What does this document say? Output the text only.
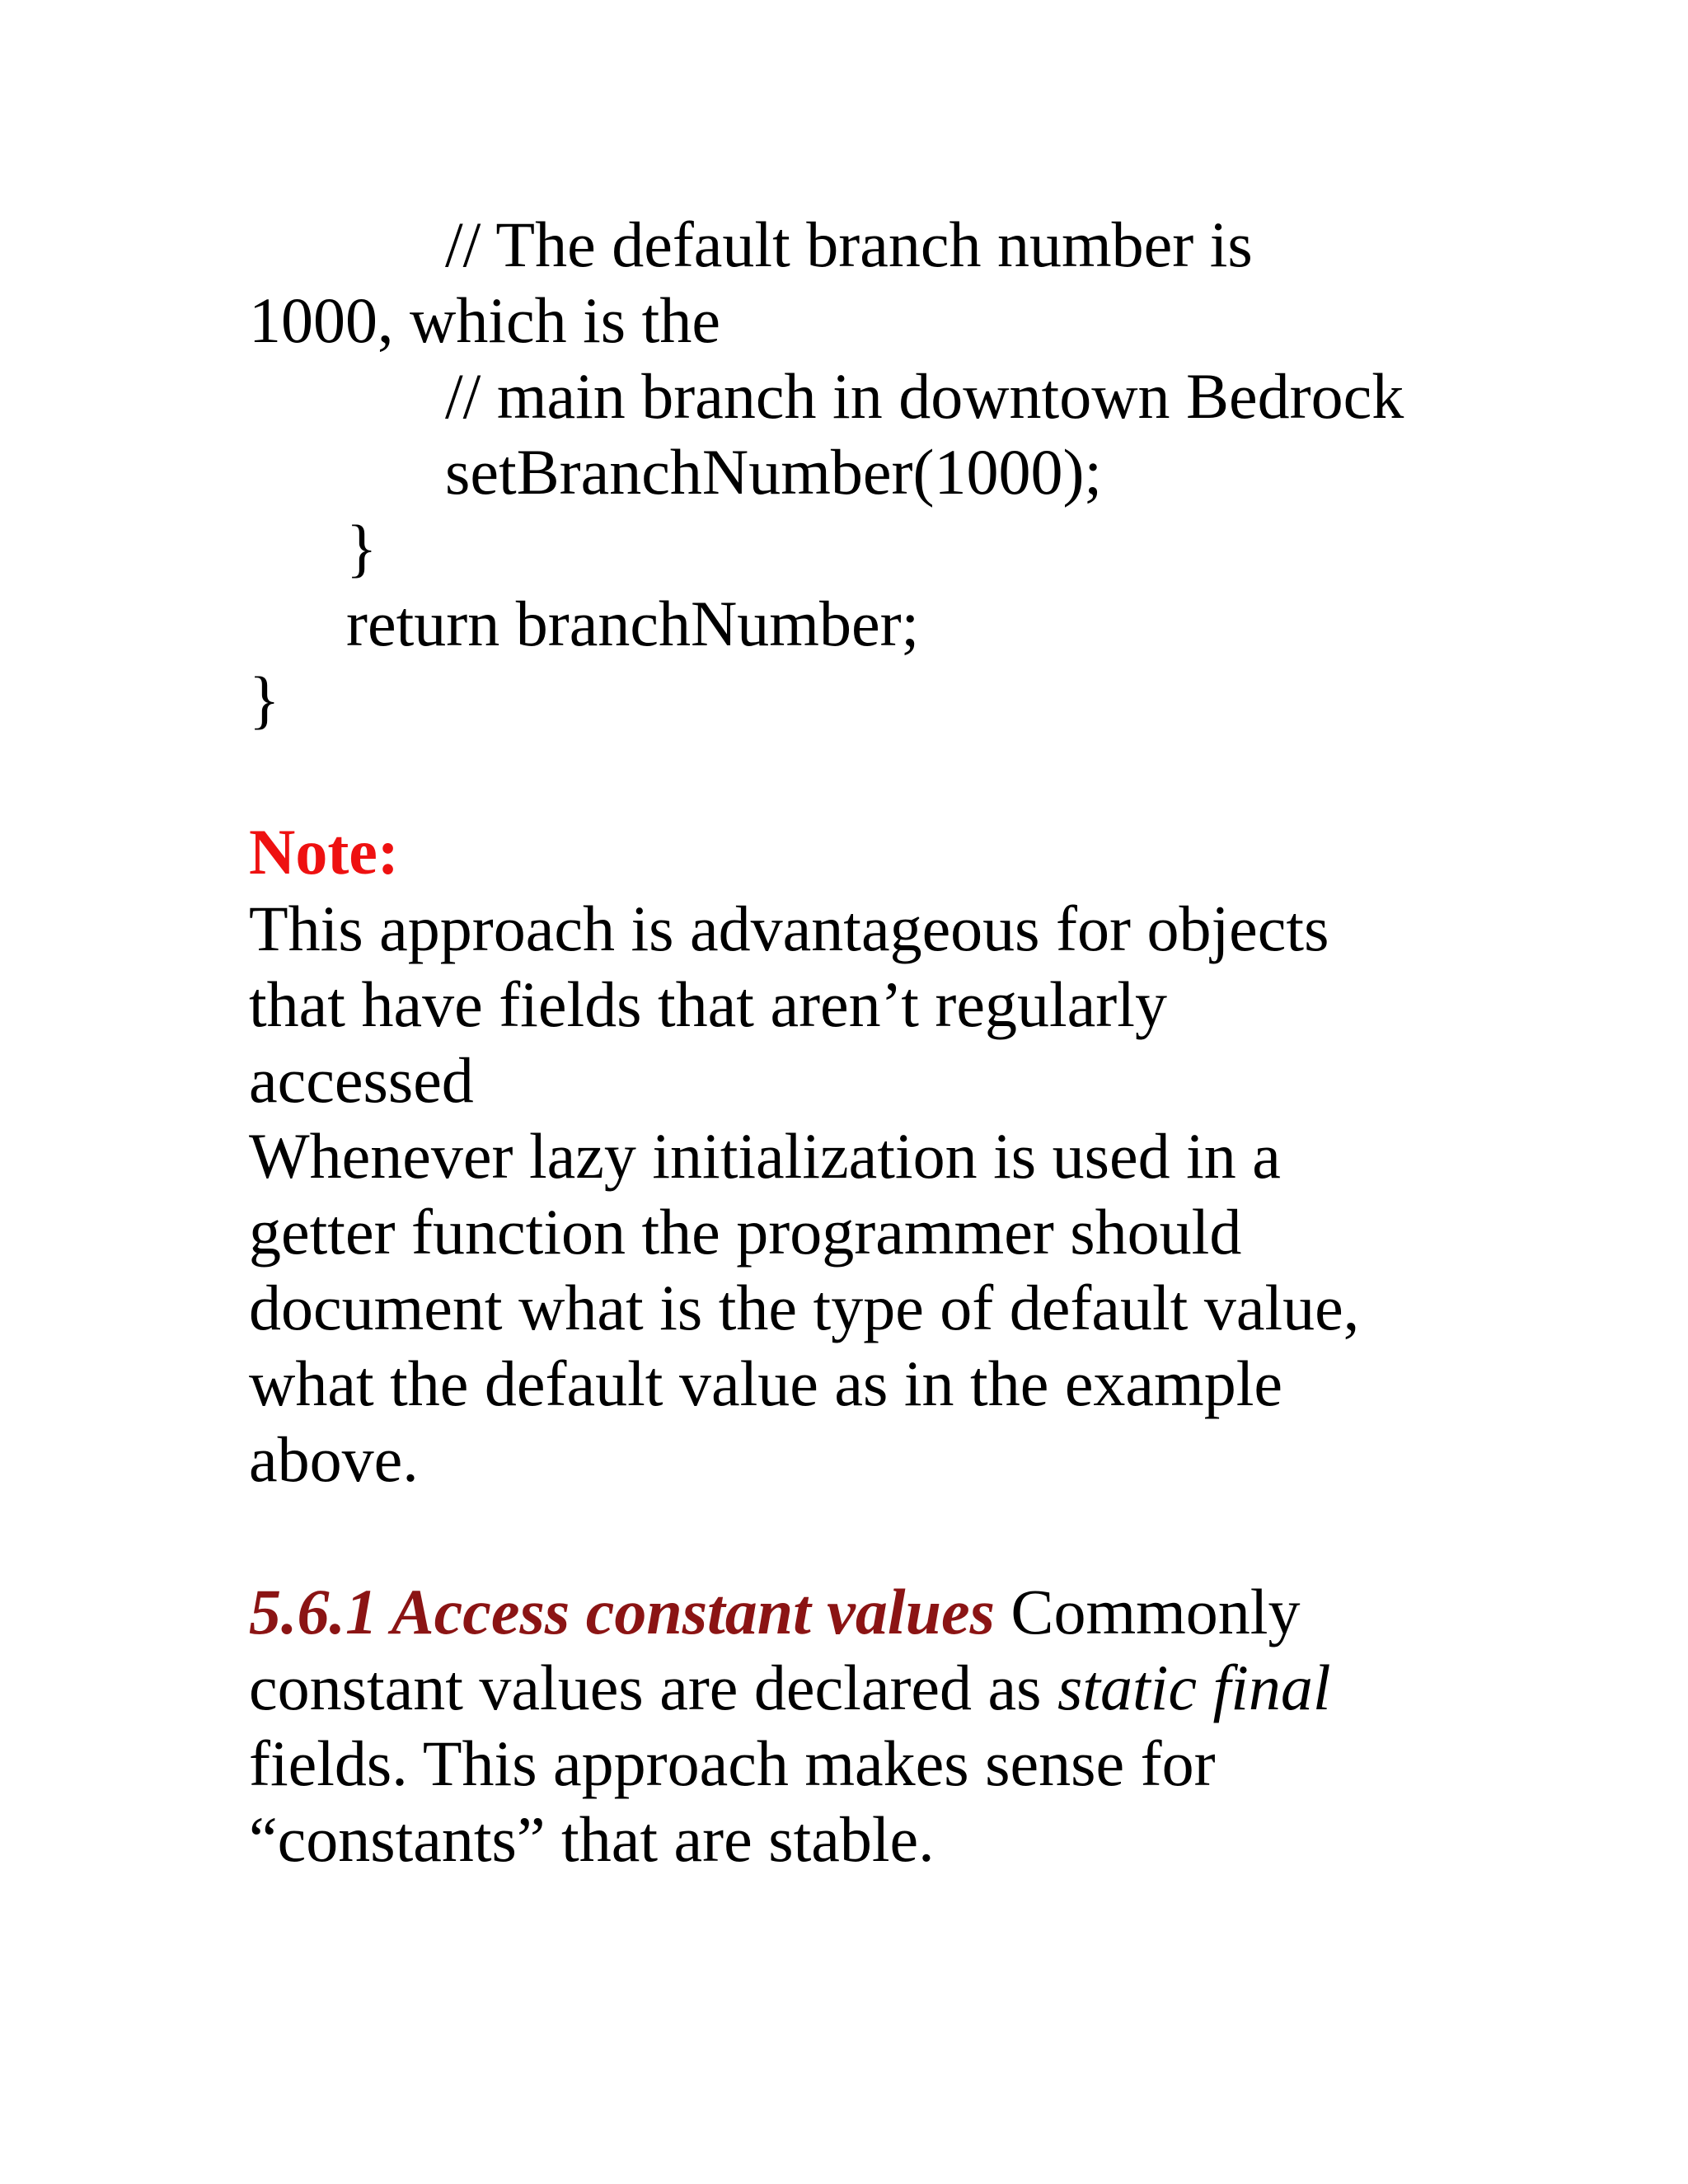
// The default branch number is
1000, which is the
// main branch in downtown Bedrock
setBranchNumber(1000);
}
return branchNumber;
}
Note:
This approach is advantageous for objects
that have fields that aren’t regularly
accessed
Whenever lazy initialization is used in a
getter function the programmer should
document what is the type of default value,
what the default value as in the example
above.
5.6.1 Access constant values Commonly
constant values are declared as static final
fields. This approach makes sense for
“constants” that are stable.
